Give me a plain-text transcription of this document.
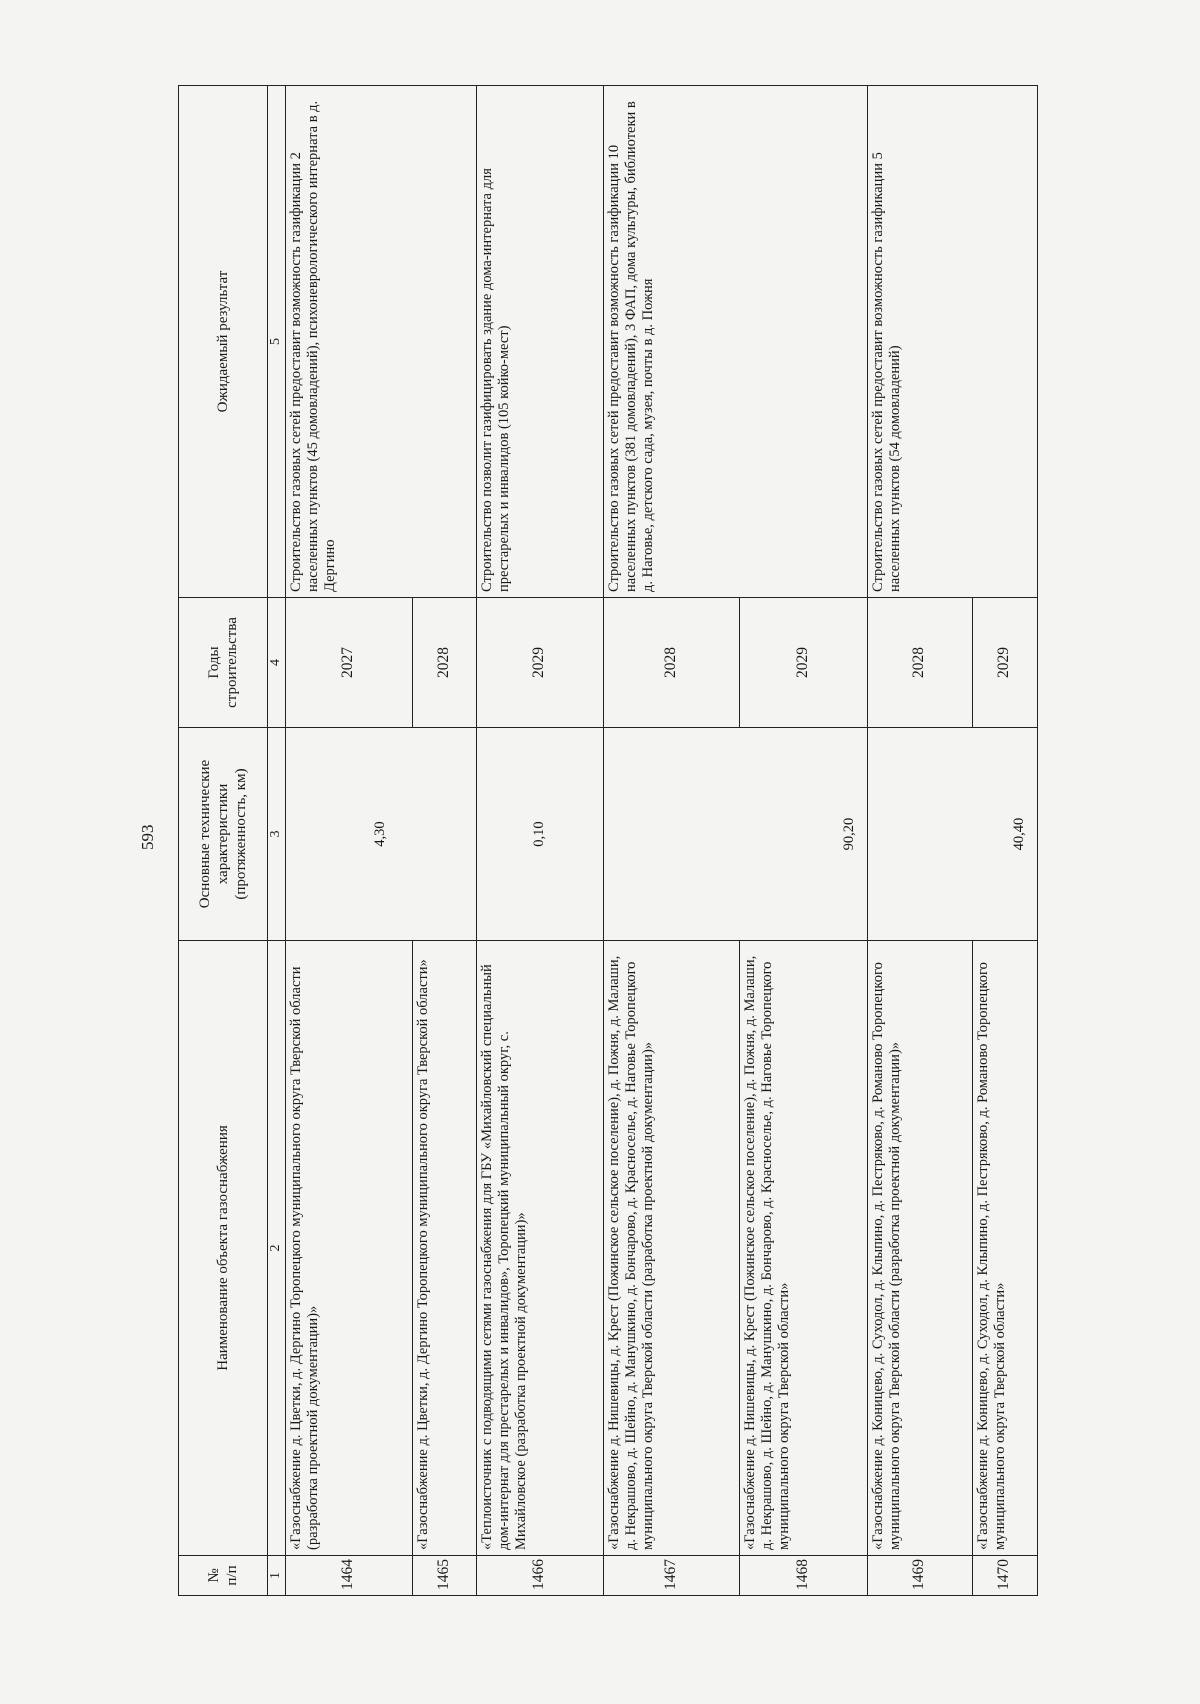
593
№
п/п	Наименование объекта газоснабжения	Основные технические характеристики (протяженность, км)	Годы строительства	Ожидаемый результат
1	2	3	4	5
1464	«Газоснабжение д. Цветки, д. Дергино Торопецкого муниципального округа Тверской области (разработка проектной документации)»	4,30	2027	Строительство газовых сетей предоставит возможность газификации 2 населенных пунктов (45 домовладений), психоневрологического интерната в д. Дергино
1465	«Газоснабжение д. Цветки, д. Дергино Торопецкого муниципального округа Тверской области»		2028	
1466	«Теплоисточник с подводящими сетями газоснабжения для ГБУ «Михайловский специальный дом-интернат для престарелых и инвалидов», Торопецкий муниципальный округ, с. Михайловское (разработка проектной документации)»	0,10	2029	Строительство позволит газифицировать здание дома-интерната для престарелых и инвалидов (105 койко-мест)
1467	«Газоснабжение д. Нишевицы, д. Крест (Пожинское сельское поселение), д. Пожня, д. Малаши, д. Некрашово, д. Шейно, д. Манушкино, д. Бончарово, д. Красноселье, д. Наговье Торопецкого муниципального округа Тверской области (разработка проектной документации)»	90,20	2028	Строительство газовых сетей предоставит возможность газификации 10 населенных пунктов (381 домовладений), 3 ФАП, дома культуры, библиотеки в д. Наговье, детского сада, музея, почты в д. Пожня
1468	«Газоснабжение д. Нишевицы, д. Крест (Пожинское сельское поселение), д. Пожня, д. Малаши, д. Некрашово, д. Шейно, д. Манушкино, д. Бончарово, д. Красноселье, д. Наговье Торопецкого муниципального округа Тверской области»		2029	
1469	«Газоснабжение д. Коницево, д. Суходол, д. Клыпино, д. Пестряково, д. Романово Торопецкого муниципального округа Тверской области (разработка проектной документации)»	40,40	2028	Строительство газовых сетей предоставит возможность газификации 5 населенных пунктов (54 домовладений)
1470	«Газоснабжение д. Коницево, д. Суходол, д. Клыпино, д. Пестряково, д. Романово Торопецкого муниципального округа Тверской области»		2029	
